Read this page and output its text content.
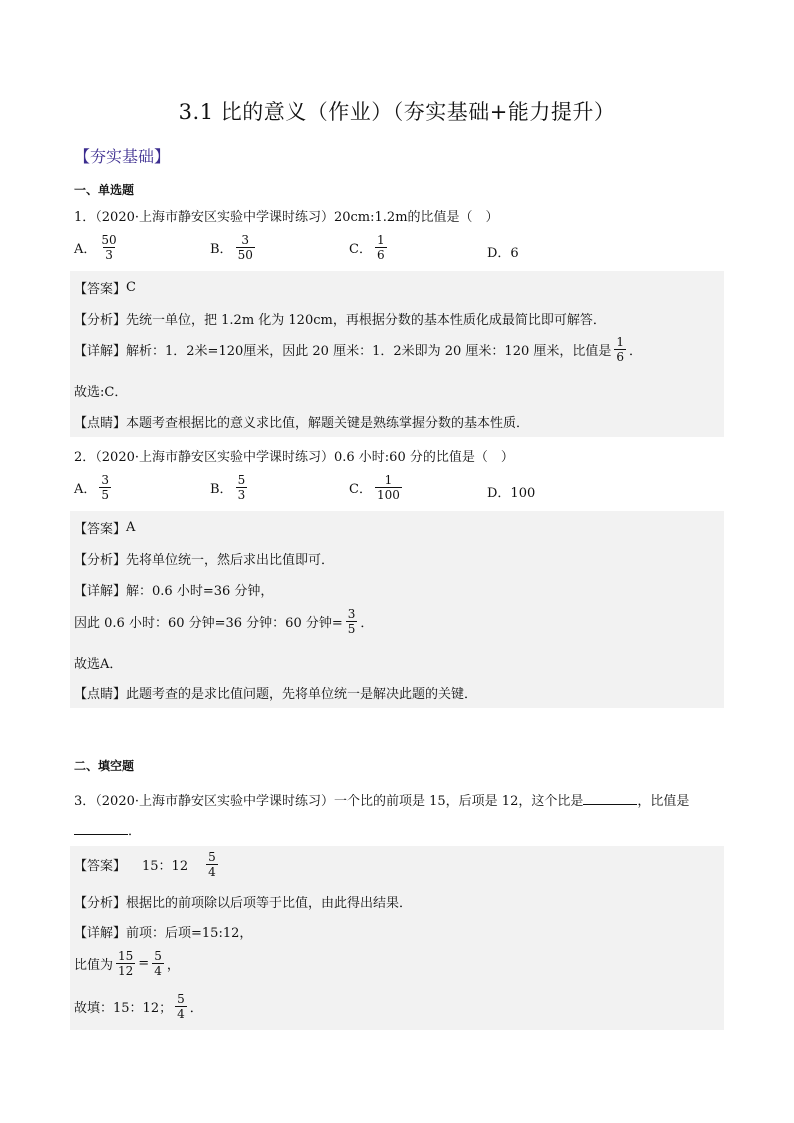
3.1 比的意义（作业）（夯实基础+能力提升）
【夯实基础】
一、单选题
1．（2020·上海市静安区实验中学课时练习）20cm:1.2m的比值是（　）
A． $\frac{50}{3}$	B． $\frac{3}{50}$	C． $\frac{1}{6}$	D．6
【答案】 C
【分析】 先统一单位，把 1.2m 化为 120cm，再根据分数的基本性质化成最简比即可解答．
【详解】 解析：1．2米=120厘米，因此 20 厘米：1．2米即为 20 厘米：120 厘米，比值是 $\frac{1}{6}$ ．
故选:C．
【点睛】 本题考查根据比的意义求比值，解题关键是熟练掌握分数的基本性质．
2．（2020·上海市静安区实验中学课时练习）0.6 小时:60 分的比值是（　）
A． $\frac{3}{5}$	B． $\frac{5}{3}$	C． $\frac{1}{100}$	D．100
【答案】 A
【分析】 先将单位统一，然后求出比值即可．
【详解】 解：0.6 小时=36 分钟，
因此 0.6 小时：60 分钟=36 分钟：60 分钟= $\frac{3}{5}$ ．
故选A．
【点睛】 此题考查的是求比值问题，先将单位统一是解决此题的关键．
二、填空题
3．（2020·上海市静安区实验中学课时练习）一个比的前项是 15，后项是 12，这个比是	，比值是
．
【答案】 15：$12 \frac{5}{4}$
【分析】 根据比的前项除以后项等于比值，由此得出结果．
【详解】 前项：后项=15:12，
比值为 $\frac{15}{12} = \frac{5}{4}$ ，
故填：15：12； $\frac{5}{4}$ ．
